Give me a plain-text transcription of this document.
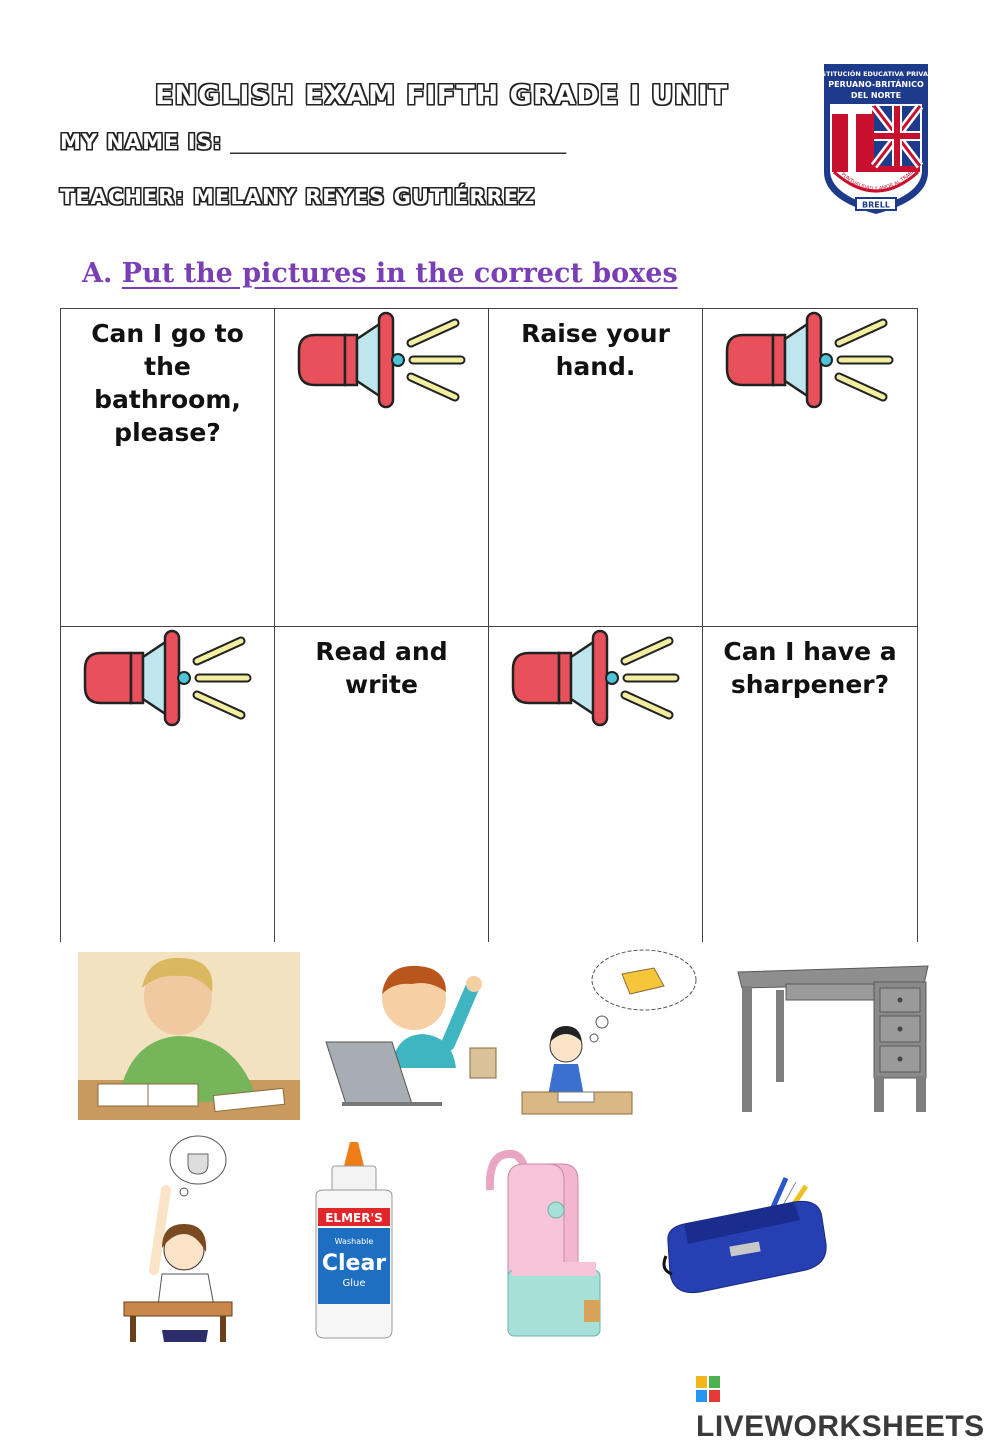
ENGLISH EXAM FIFTH GRADE I UNIT
MY NAME IS: ________________________________
TEACHER: MELANY REYES GUTIÉRREZ	BRELL
INSTITUCIÓN EDUCATIVA PRIVADA
PERUANO-BRITÁNICO
DEL NORTE
PUNTUALIDAD Y AMOR AL TRABA
A. Put the pictures in the correct boxes
Can I go to the bathroom, please?
Raise your hand.
Read and write
Can I have a sharpener?
ELMER'S
Washable
Clear
Glue
LIVEWORKSHEETS
